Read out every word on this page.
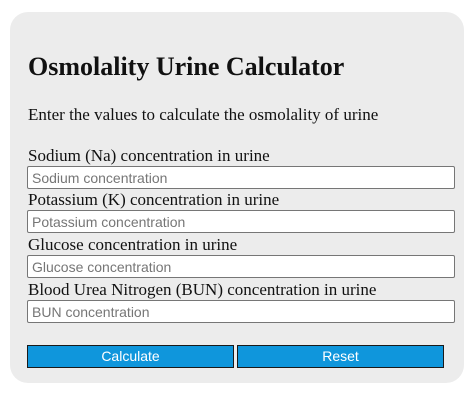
Osmolality Urine Calculator

Enter the values to calculate the osmolality of urine

Sodium (Na) concentration in urine
Sodium concentration
Potassium (K) concentration in urine
Potassium concentration
Glucose concentration in urine
Glucose concentration
Blood Urea Nitrogen (BUN) concentration in urine
BUN concentration
Calculate	Reset
